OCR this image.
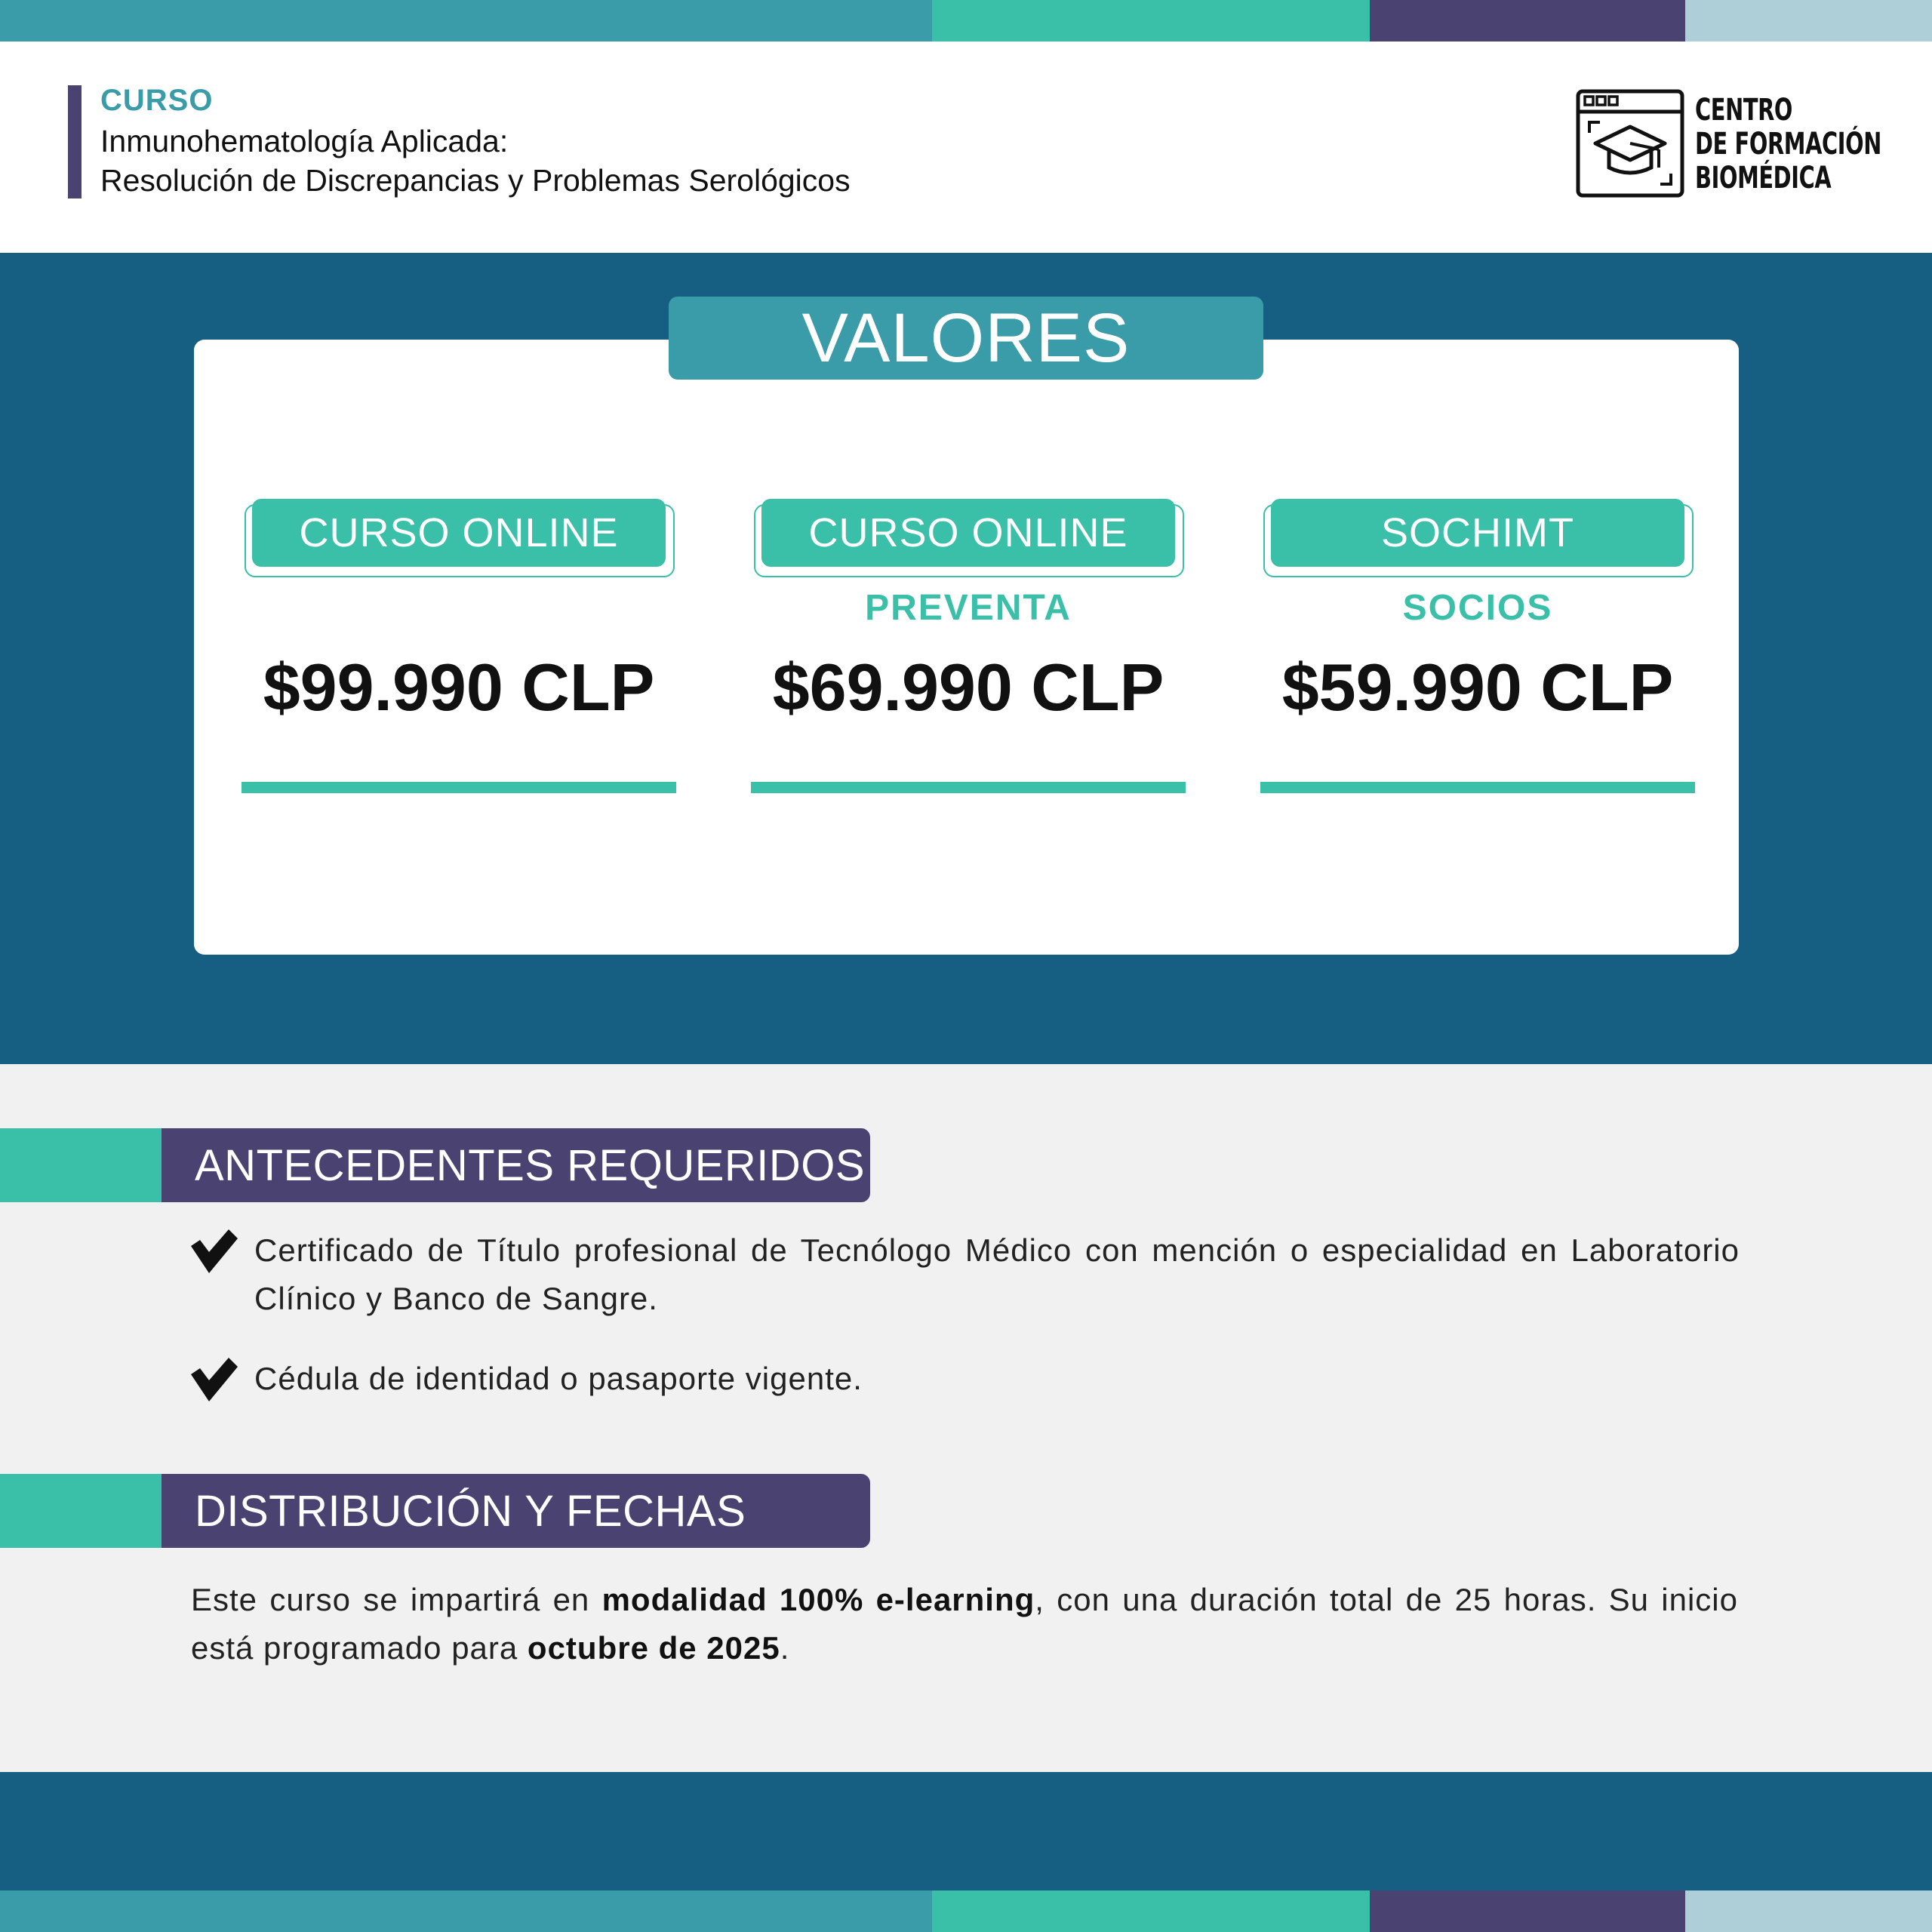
CURSO
Inmunohematología Aplicada:
Resolución de Discrepancias y Problemas Serológicos
CENTRO
DE FORMACIÓN
BIOMÉDICA
VALORES
CURSO ONLINE
$99.990 CLP
CURSO ONLINE
PREVENTA
$69.990 CLP
SOCHIMT
SOCIOS
$59.990 CLP
ANTECEDENTES REQUERIDOS
Certificado de Título profesional de Tecnólogo Médico con mención o especialidad en Laboratorio Clínico y Banco de Sangre.
Cédula de identidad o pasaporte vigente.
DISTRIBUCIÓN Y FECHAS
Este curso se impartirá en modalidad 100% e-learning, con una duración total de 25 horas. Su inicio está programado para octubre de 2025.
